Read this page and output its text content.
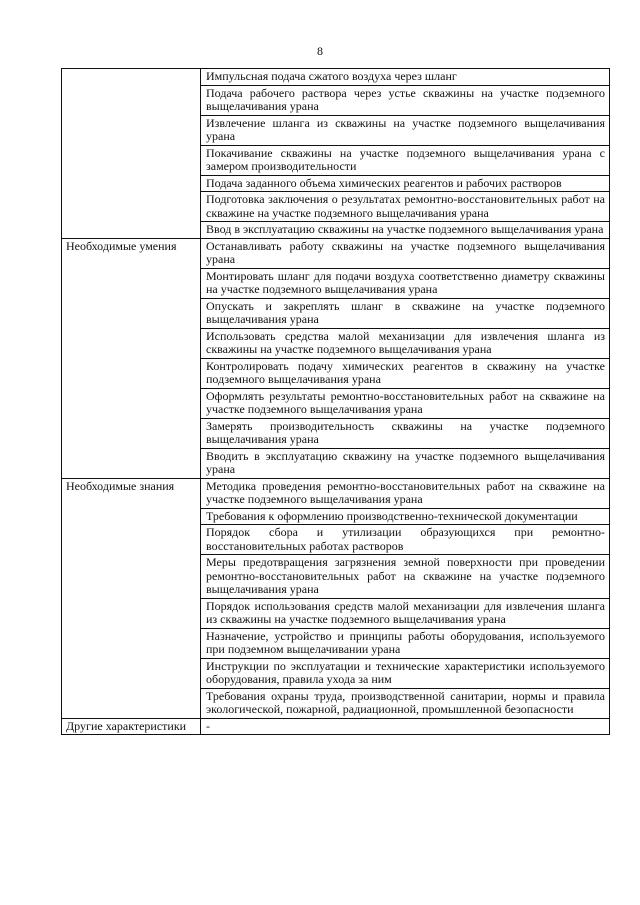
8
	Импульсная подача сжатого воздуха через шланг
	Подача рабочего раствора через устье скважины на участке подземного выщелачивания урана
	Извлечение шланга из скважины на участке подземного выщелачивания урана
	Покачивание скважины на участке подземного выщелачивания урана с замером производительности
	Подача заданного объема химических реагентов и рабочих растворов
	Подготовка заключения о результатах ремонтно-восстановительных работ на скважине на участке подземного выщелачивания урана
	Ввод в эксплуатацию скважины на участке подземного выщелачивания урана
Необходимые умения	Останавливать работу скважины на участке подземного выщелачивания урана
	Монтировать шланг для подачи воздуха соответственно диаметру скважины на участке подземного выщелачивания урана
	Опускать и закреплять шланг в скважине на участке подземного выщелачивания урана
	Использовать средства малой механизации для извлечения шланга из скважины на участке подземного выщелачивания урана
	Контролировать подачу химических реагентов в скважину на участке подземного выщелачивания урана
	Оформлять результаты ремонтно-восстановительных работ на скважине на участке подземного выщелачивания урана
	Замерять производительность скважины на участке подземного выщелачивания урана
	Вводить в эксплуатацию скважину на участке подземного выщелачивания урана
Необходимые знания	Методика проведения ремонтно-восстановительных работ на скважине на участке подземного выщелачивания урана
	Требования к оформлению производственно-технической документации
	Порядок сбора и утилизации образующихся при ремонтно-восстановительных работах растворов
	Меры предотвращения загрязнения земной поверхности при проведении ремонтно-восстановительных работ на скважине на участке подземного выщелачивания урана
	Порядок использования средств малой механизации для извлечения шланга из скважины на участке подземного выщелачивания урана
	Назначение, устройство и принципы работы оборудования, используемого при подземном выщелачивании урана
	Инструкции по эксплуатации и технические характеристики используемого оборудования, правила ухода за ним
	Требования охраны труда, производственной санитарии, нормы и правила экологической, пожарной, радиационной, промышленной безопасности
Другие характеристики	-
